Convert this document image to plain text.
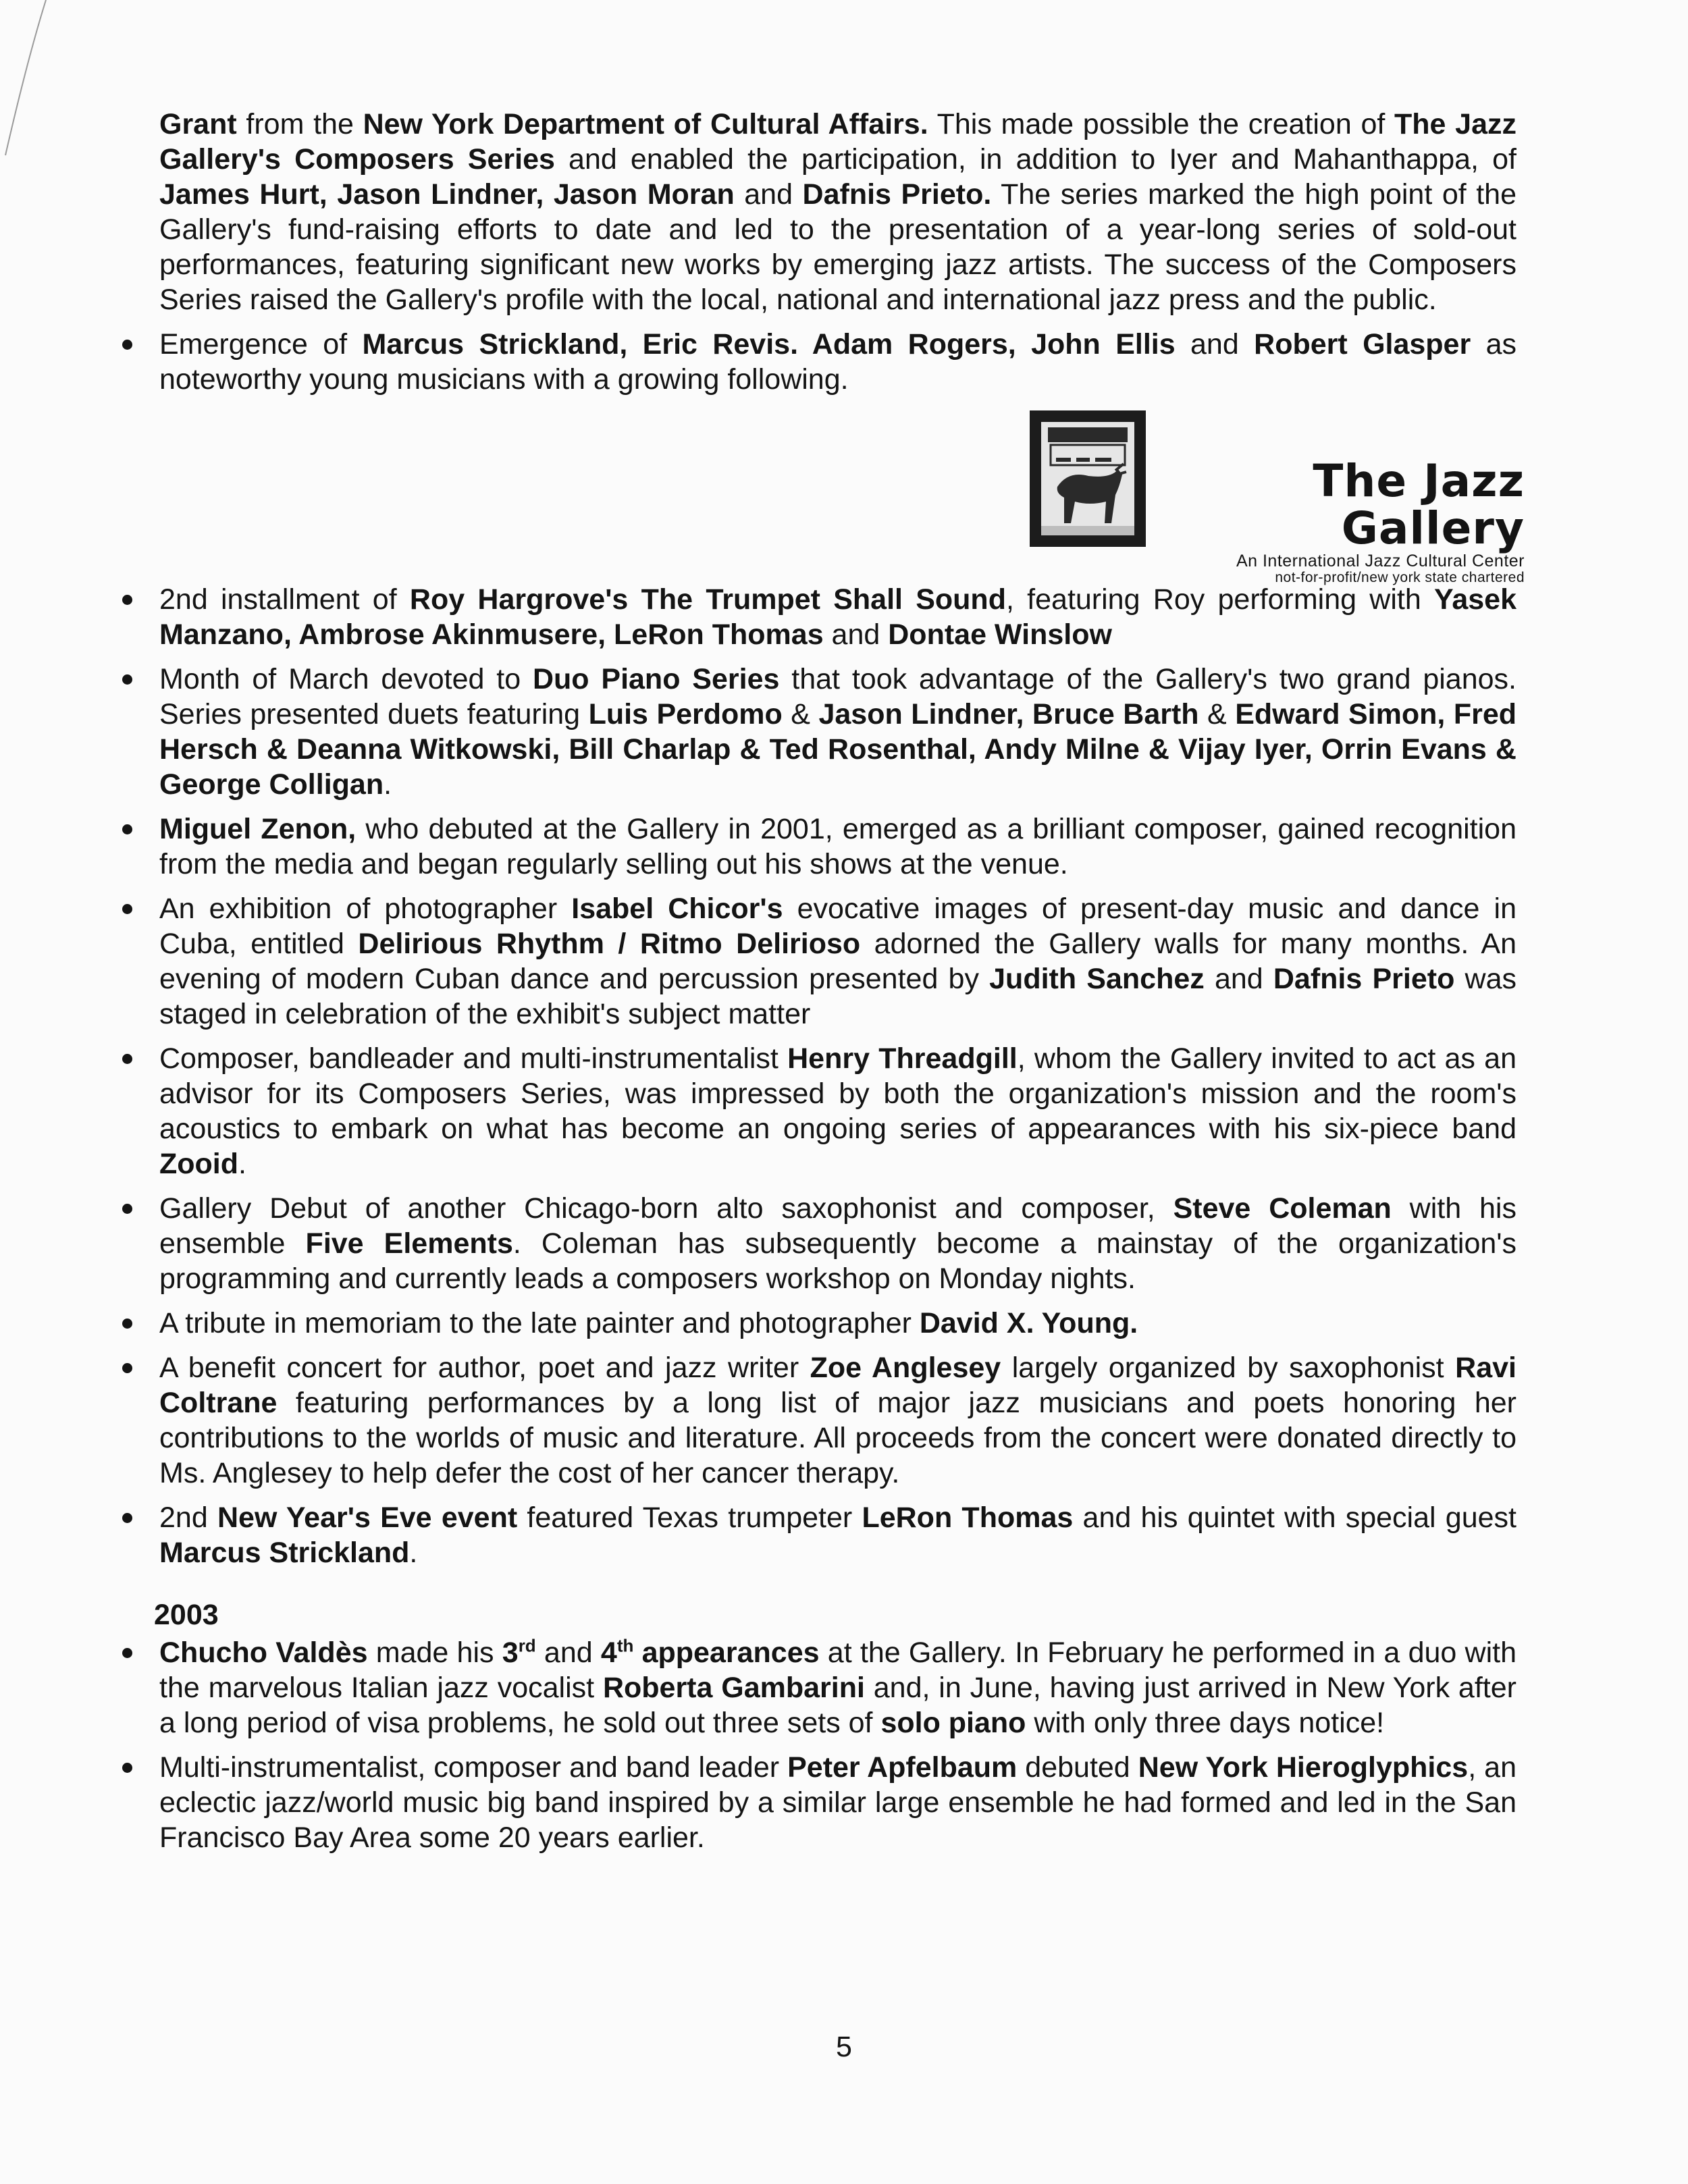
Grant from the New York Department of Cultural Affairs. This made possible the creation of The Jazz Gallery's Composers Series and enabled the participation, in addition to Iyer and Mahanthappa, of James Hurt, Jason Lindner, Jason Moran and Dafnis Prieto. The series marked the high point of the Gallery's fund-raising efforts to date and led to the presentation of a year-long series of sold-out performances, featuring significant new works by emerging jazz artists. The success of the Composers Series raised the Gallery's profile with the local, national and international jazz press and the public.

Emergence of Marcus Strickland, Eric Revis. Adam Rogers, John Ellis and Robert Glasper as noteworthy young musicians with a growing following.
The Jazz Gallery
An International Jazz Cultural Center
not-for-profit/new york state chartered
2nd installment of Roy Hargrove's The Trumpet Shall Sound, featuring Roy performing with Yasek Manzano, Ambrose Akinmusere, LeRon Thomas and Dontae Winslow
Month of March devoted to Duo Piano Series that took advantage of the Gallery's two grand pianos. Series presented duets featuring Luis Perdomo & Jason Lindner, Bruce Barth & Edward Simon, Fred Hersch & Deanna Witkowski, Bill Charlap & Ted Rosenthal, Andy Milne & Vijay Iyer, Orrin Evans & George Colligan.
Miguel Zenon, who debuted at the Gallery in 2001, emerged as a brilliant composer, gained recognition from the media and began regularly selling out his shows at the venue.
An exhibition of photographer Isabel Chicor's evocative images of present-day music and dance in Cuba, entitled Delirious Rhythm / Ritmo Delirioso adorned the Gallery walls for many months. An evening of modern Cuban dance and percussion presented by Judith Sanchez and Dafnis Prieto was staged in celebration of the exhibit's subject matter
Composer, bandleader and multi-instrumentalist Henry Threadgill, whom the Gallery invited to act as an advisor for its Composers Series, was impressed by both the organization's mission and the room's acoustics to embark on what has become an ongoing series of appearances with his six-piece band Zooid.
Gallery Debut of another Chicago-born alto saxophonist and composer, Steve Coleman with his ensemble Five Elements. Coleman has subsequently become a mainstay of the organization's programming and currently leads a composers workshop on Monday nights.
A tribute in memoriam to the late painter and photographer David X. Young.
A benefit concert for author, poet and jazz writer Zoe Anglesey largely organized by saxophonist Ravi Coltrane featuring performances by a long list of major jazz musicians and poets honoring her contributions to the worlds of music and literature. All proceeds from the concert were donated directly to Ms. Anglesey to help defer the cost of her cancer therapy.
2nd New Year's Eve event featured Texas trumpeter LeRon Thomas and his quintet with special guest Marcus Strickland.
2003
Chucho Valdès made his 3rd and 4th appearances at the Gallery. In February he performed in a duo with the marvelous Italian jazz vocalist Roberta Gambarini and, in June, having just arrived in New York after a long period of visa problems, he sold out three sets of solo piano with only three days notice!
Multi-instrumentalist, composer and band leader Peter Apfelbaum debuted New York Hieroglyphics, an eclectic jazz/world music big band inspired by a similar large ensemble he had formed and led in the San Francisco Bay Area some 20 years earlier.
5
